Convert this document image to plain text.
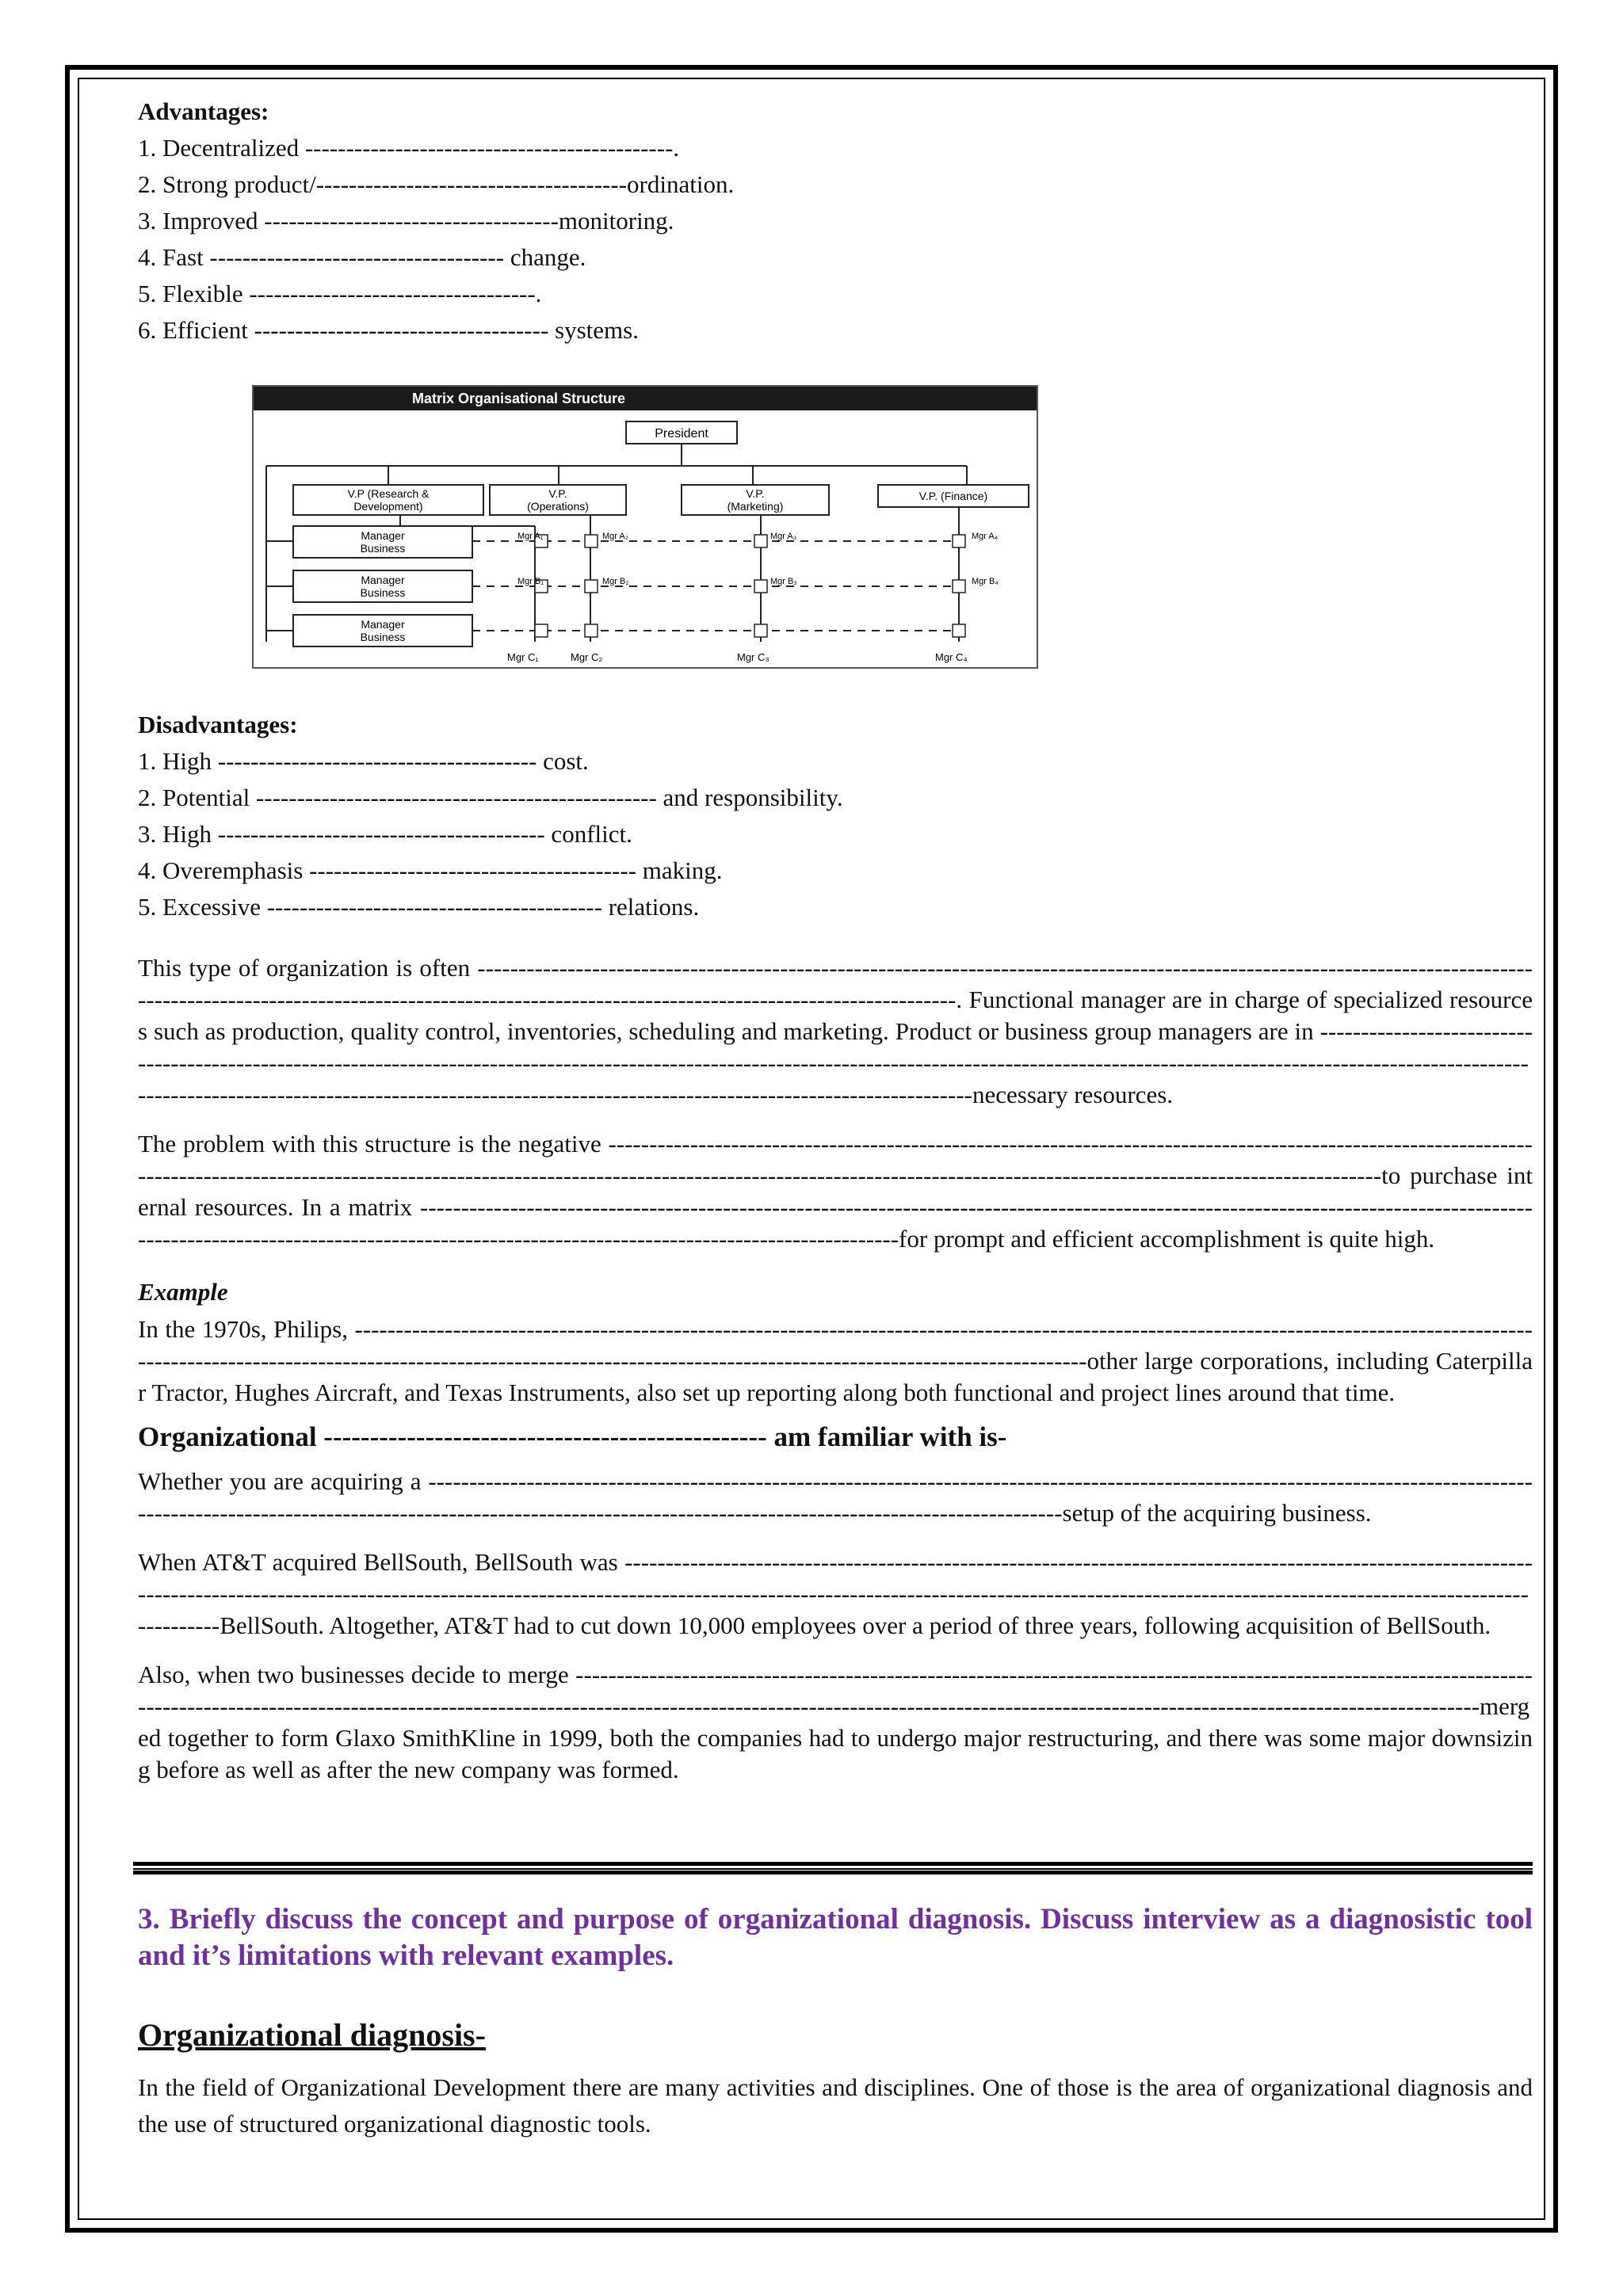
Advantages:
1. Decentralized ---------------------------------------------.
2. Strong product/--------------------------------------ordination.
3. Improved ------------------------------------monitoring.
4. Fast ------------------------------------ change.
5. Flexible -----------------------------------.
6. Efficient ------------------------------------ systems.
Disadvantages:
1. High --------------------------------------- cost.
2. Potential ------------------------------------------------- and responsibility.
3. High ---------------------------------------- conflict.
4. Overemphasis ---------------------------------------- making.
5. Excessive ----------------------------------------- relations.
This type of organization is often -------------------------------------------------------------------------------------------------------------------------------------------------------------------------------------------------------------------------------------. Functional manager are in charge of specialized resources such as production, quality control, inventories, scheduling and marketing. Product or business group managers are in ----------------------------------------------------------------------------------------------------------------------------------------------------------------------------------------------------------------------------------------------------------------------------------------------------------necessary resources.
The problem with this structure is the negative -------------------------------------------------------------------------------------------------------------------------------------------------------------------------------------------------------------------------------------------------------------------------to purchase internal resources. In a matrix -------------------------------------------------------------------------------------------------------------------------------------------------------------------------------------------------------------------------------------for prompt and efficient accomplishment is quite high.
Example
In the 1970s, Philips, --------------------------------------------------------------------------------------------------------------------------------------------------------------------------------------------------------------------------------------------------------------------other large corporations, including Caterpillar Tractor, Hughes Aircraft, and Texas Instruments, also set up reporting along both functional and project lines around that time.
Organizational ------------------------------------------------ am familiar with is-
Whether you are acquiring a --------------------------------------------------------------------------------------------------------------------------------------------------------------------------------------------------------------------------------------------------------setup of the acquiring business.
When AT&T acquired BellSouth, BellSouth was ---------------------------------------------------------------------------------------------------------------------------------------------------------------------------------------------------------------------------------------------------------------------------------------------------BellSouth. Altogether, AT&T had to cut down 10,000 employees over a period of three years, following acquisition of BellSouth.
Also, when two businesses decide to merge -----------------------------------------------------------------------------------------------------------------------------------------------------------------------------------------------------------------------------------------------------------------------------------------merged together to form Glaxo SmithKline in 1999, both the companies had to undergo major restructuring, and there was some major downsizing before as well as after the new company was formed.
Matrix Organisational Structure
President
V.P (Research &
Development)
V.P.
(Operations)
V.P.
(Marketing)
V.P. (Finance)
Manager
Business
Manager
Business
Manager
Business
Mgr A₁	Mgr A₂	Mgr A₃	Mgr A₄
Mgr B₁	Mgr B₂	Mgr B₃	Mgr B₄
Mgr C₁	Mgr C₂	Mgr C₃	Mgr C₄
3. Briefly discuss the concept and purpose of organizational diagnosis. Discuss interview as a diagnosistic tool and it’s limitations with relevant examples.
Organizational diagnosis-
In the field of Organizational Development there are many activities and disciplines. One of those is the area of organizational diagnosis and the use of structured organizational diagnostic tools.
